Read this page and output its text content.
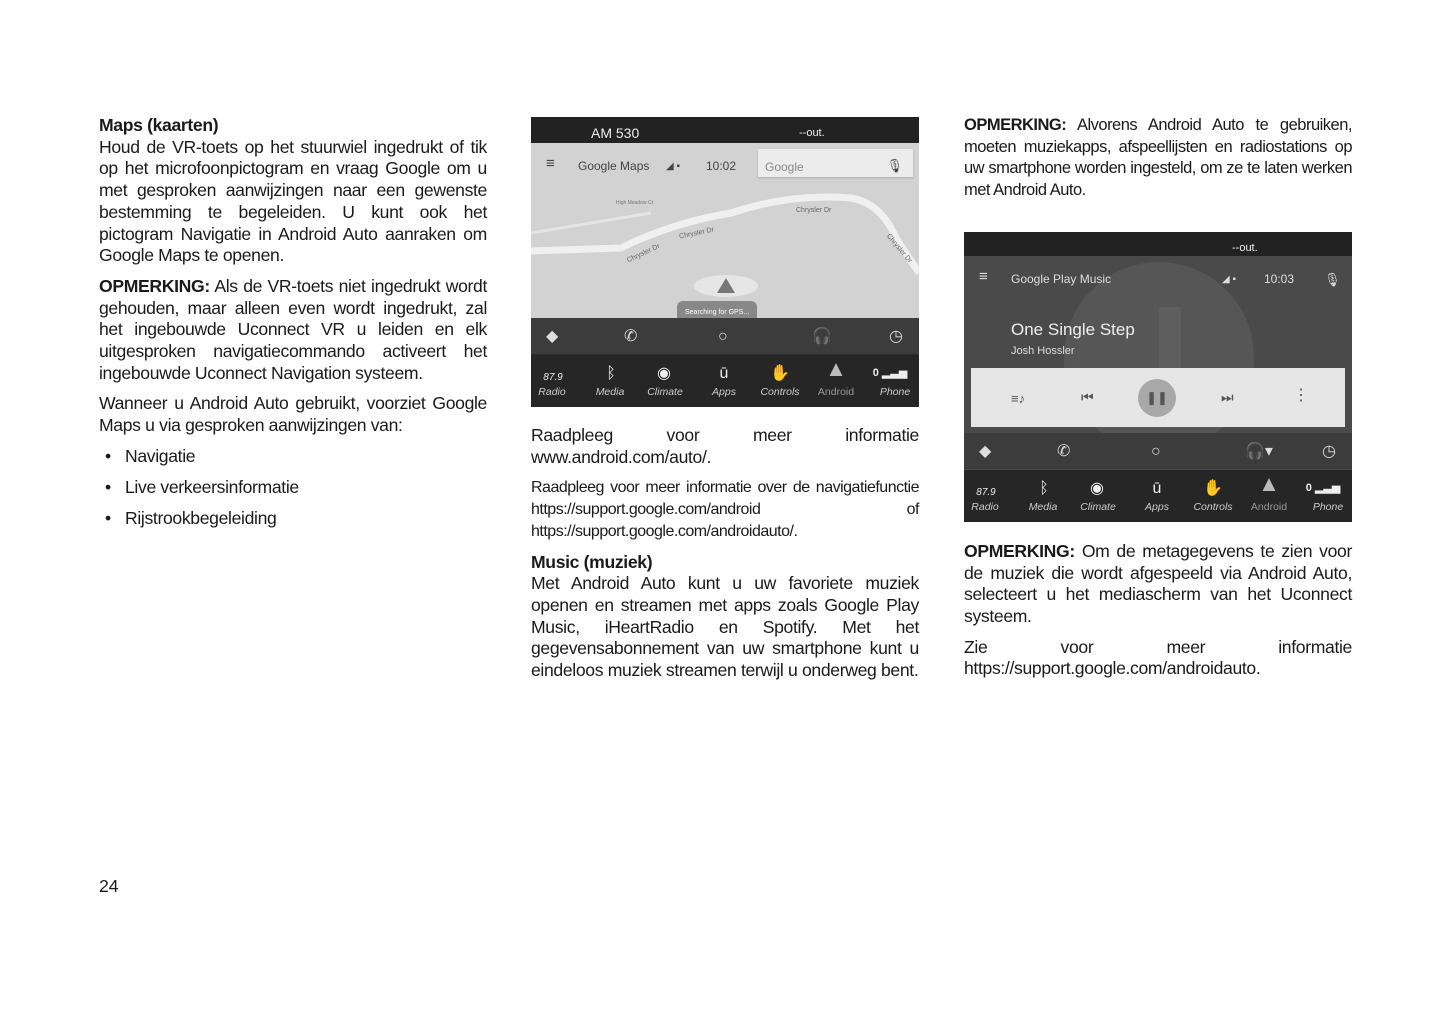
Maps (kaarten)
Houd de VR-toets op het stuurwiel ingedrukt of tik op het microfoonpictogram en vraag Google om u met gesproken aanwijzingen naar een gewenste bestemming te begeleiden. U kunt ook het pictogram Navigatie in Android Auto aanraken om Google Maps te openen.

OPMERKING: Als de VR-toets niet ingedrukt wordt gehouden, maar alleen even wordt ingedrukt, zal het ingebouwde Uconnect VR u leiden en elk uitgesproken navigatiecommando activeert het ingebouwde Uconnect Navigation systeem.

Wanneer u Android Auto gebruikt, voorziet Google Maps u via gesproken aanwijzingen van:

• Navigatie
• Live verkeersinformatie
• Rijstrookbegeleiding
AM 530	--out.
≡ Google Maps ◢ ▪ 10:02 Google	🎙
High Meadow Ct
Chrysler Dr
Chrysler Dr
Chrysler Dr
Chrysler Dr
Searching for GPS...
◆	✆	○	🎧	◷
87.9	ᛒ	◉	ū	✋	▲	0 ▂▃▅
Radio	Media	Climate	Apps	Controls	Android	Phone

Raadpleeg voor meer informatie www.android.com/auto/.

Raadpleeg voor meer informatie over de navigatiefunctie https://support.google.com/android of https://support.google.com/androidauto/.

Music (muziek)
Met Android Auto kunt u uw favoriete muziek openen en streamen met apps zoals Google Play Music, iHeartRadio en Spotify. Met het gegevensabonnement van uw smartphone kunt u eindeloos muziek streamen terwijl u onderweg bent.

OPMERKING: Alvorens Android Auto te gebruiken, moeten muziekapps, afspeellijsten en radiostations op uw smartphone worden ingesteld, om ze te laten werken met Android Auto.

--out.
≡ Google Play Music	◢ ▪ 10:03 🎙
One Single Step
Josh Hossler
≡♪	⏮	❚❚	⏭	⋮
◆	✆	○	🎧▾	◷
87.9	ᛒ	◉	ū	✋	▲	0 ▂▃▅
Radio	Media	Climate	Apps	Controls	Android	Phone

OPMERKING: Om de metagegevens te zien voor de muziek die wordt afgespeeld via Android Auto, selecteert u het mediascherm van het Uconnect systeem.

Zie voor meer informatie https://support.google.com/androidauto.

24
